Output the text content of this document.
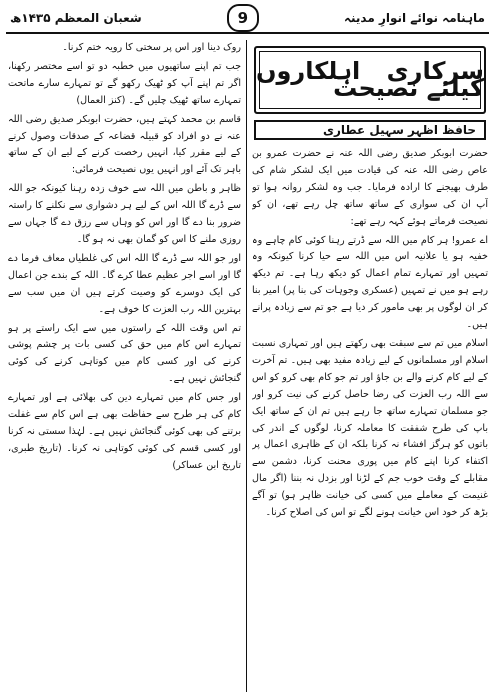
شعبان المعظم ۱۴۳۵ھ	9	ماہنامہ نوائے انوارِ مدینہ
سرکاری اہلکاروں کیلئے نصیحت
حافظ اظہر سہیل عطاری

حضرت ابوبکر صدیق رضی اللہ عنہ نے حضرت عمرو بن عاص رضی اللہ عنہ کی قیادت میں ایک لشکر شام کی طرف بھیجنے کا ارادہ فرمایا۔ جب وہ لشکر روانہ ہوا تو آپ ان کی سواری کے ساتھ ساتھ چل رہے تھے، ان کو نصیحت فرماتے ہوئے کہہ رہے تھے:

اے عمرو! ہر کام میں اللہ سے ڈرتے رہنا کوئی کام چاہے وہ خفیہ ہو یا علانیہ اس میں اللہ سے حیا کرنا کیونکہ وہ تمہیں اور تمہارے تمام اعمال کو دیکھ رہا ہے۔ تم دیکھ رہے ہو میں نے تمہیں (عسکری وجوہات کی بنا پر) امیر بنا کر ان لوگوں پر بھی مامور کر دیا ہے جو تم سے زیادہ پرانے ہیں۔

اسلام میں تم سے سبقت بھی رکھتے ہیں اور تمہاری نسبت اسلام اور مسلمانوں کے لیے زیادہ مفید بھی ہیں۔ تم آخرت کے لیے کام کرنے والے بن جاؤ اور تم جو کام بھی کرو کو اس سے اللہ رب العزت کی رضا حاصل کرنے کی نیت کرو اور جو مسلمان تمہارے ساتھ جا رہے ہیں تم ان کے ساتھ ایک باپ کی طرح شفقت کا معاملہ کرنا، لوگوں کے اندر کی باتوں کو ہرگز افشاء نہ کرنا بلکہ ان کے ظاہری اعمال پر اکتفاء کرنا اپنے کام میں پوری محنت کرنا، دشمن سے مقابلے کے وقت خوب جم کے لڑنا اور بزدل نہ بننا (اگر مال غنیمت کے معاملے میں کسی کی خیانت ظاہر ہو) تو آگے بڑھ کر خود اس خیانت ہونے لگے تو اس کی اصلاح کرنا۔

روک دینا اور اس پر سختی کا رویہ ختم کرنا۔

جب تم اپنے ساتھیوں میں خطبہ دو تو اسے مختصر رکھنا، اگر تم اپنے آپ کو ٹھیک رکھو گے تو تمہارے سارے ماتحت تمہارے ساتھ ٹھیک چلیں گے۔ (کنز العمال)

قاسم بن محمد کہتے ہیں، حضرت ابوبکر صدیق رضی اللہ عنہ نے دو افراد کو قبیلہ قضاعہ کے صدقات وصول کرنے کے لیے مقرر کیا، انہیں رخصت کرنے کے لیے ان کے ساتھ باہر تک آئے اور انہیں یوں نصیحت فرمائی:

ظاہر و باطن میں اللہ سے خوف زدہ رہنا کیونکہ جو اللہ سے ڈرے گا اللہ اس کے لیے ہر دشواری سے نکلنے کا راستہ ضرور بنا دے گا اور اس کو وہاں سے رزق دے گا جہاں سے روزی ملنے کا اس کو گمان بھی نہ ہو گا۔

اور جو اللہ سے ڈرے گا اللہ اس کی غلطیاں معاف فرما دے گا اور اسے اجر عظیم عطا کرے گا۔ اللہ کے بندے جن اعمال کی ایک دوسرے کو وصیت کرتے ہیں ان میں سب سے بہترین اللہ رب العزت کا خوف ہے۔

تم اس وقت اللہ کے راستوں میں سے ایک راستے پر ہو تمہارے اس کام میں حق کی کسی بات پر چشم پوشی کرنے کی اور کسی کام میں کوتاہی کرنے کی کوئی گنجائش نہیں ہے۔

اور جس کام میں تمہارے دین کی بھلائی ہے اور تمہارے کام کی ہر طرح سے حفاظت بھی ہے اس کام سے غفلت برتنے کی بھی کوئی گنجائش نہیں ہے۔ لہٰذا سستی نہ کرنا اور کسی قسم کی کوئی کوتاہی نہ کرنا۔ (تاریخ طبری، تاریخ ابن عساکر)
